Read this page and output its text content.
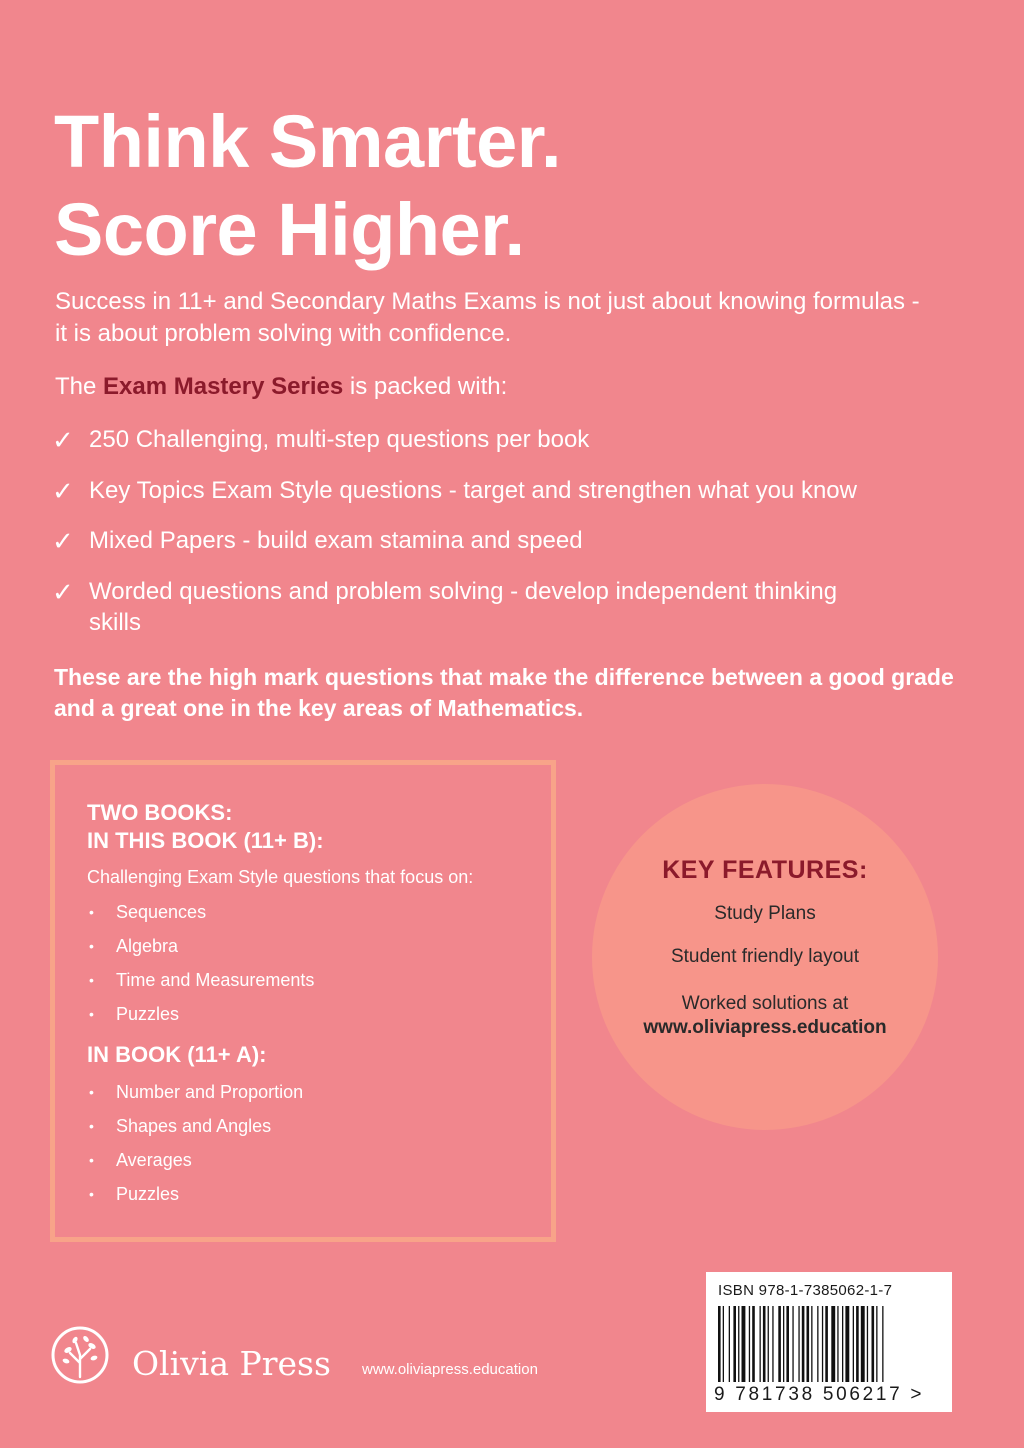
Think Smarter.
Score Higher.

Success in 11+ and Secondary Maths Exams is not just about knowing formulas - it is about problem solving with confidence.

The Exam Mastery Series is packed with:

✓ 250 Challenging, multi-step questions per book
✓ Key Topics Exam Style questions - target and strengthen what you know
✓ Mixed Papers - build exam stamina and speed
✓ Worded questions and problem solving - develop independent thinking skills

These are the high mark questions that make the difference between a good grade and a great one in the key areas of Mathematics.

TWO BOOKS:

IN THIS BOOK (11+ B):

Challenging Exam Style questions that focus on:

• Sequences
• Algebra
• Time and Measurements
• Puzzles

IN BOOK (11+ A):

• Number and Proportion
• Shapes and Angles
• Averages
• Puzzles

KEY FEATURES:

Study Plans

Student friendly layout

Worked solutions at

www.oliviapress.education

Olivia Press www.oliviapress.education

ISBN 978-1-7385062-1-7

9 781738 506217 >
